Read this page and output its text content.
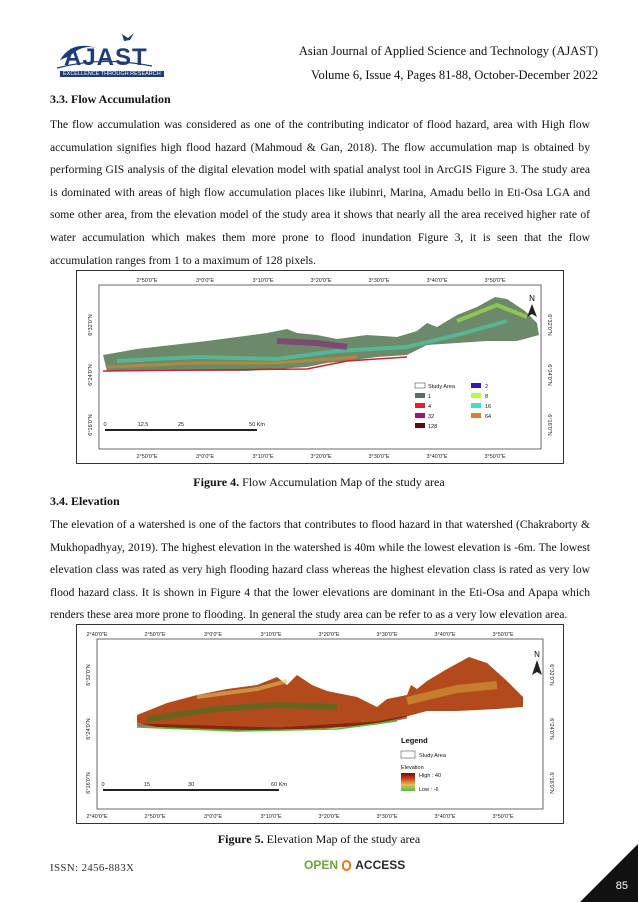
AJAST
EXCELLENCE THROUGH RESEARCH
Asian Journal of Applied Science and Technology (AJAST)
Volume 6, Issue 4, Pages 81-88, October-December 2022
3.3. Flow Accumulation
The flow accumulation was considered as one of the contributing indicator of flood hazard, area with High flow accumulation signifies high flood hazard (Mahmoud & Gan, 2018). The flow accumulation map is obtained by performing GIS analysis of the digital elevation model with spatial analyst tool in ArcGIS Figure 3. The study area is dominated with areas of high flow accumulation places like ilubinri, Marina, Amadu bello in Eti-Osa LGA and some other area, from the elevation model of the study area it shows that nearly all the area received higher rate of water accumulation which makes them more prone to flood inundation Figure 3, it is seen that the flow accumulation ranges from 1 to a maximum of 128 pixels.
2°50'0"E	3°0'0"E	3°10'0"E	3°20'0"E	3°30'0"E	3°40'0"E	3°50'0"E
2°50'0"E	3°0'0"E	3°10'0"E	3°20'0"E	3°30'0"E	3°40'0"E	3°50'0"E
6°32'0"N
6°24'0"N
6°16'0"N
6°32'0"N
6°24'0"N
6°16'0"N
N
Study Area
1
4
32
128
2
8
16
64
0	12.5	25	50 Km
Figure 4. Flow Accumulation Map of the study area
3.4. Elevation
The elevation of a watershed is one of the factors that contributes to flood hazard in that watershed (Chakraborty & Mukhopadhyay, 2019). The highest elevation in the watershed is 40m while the lowest elevation is -6m. The lowest elevation class was rated as very high flooding hazard class whereas the highest elevation class is rated as very low flood hazard class. It is shown in Figure 4 that the lower elevations are dominant in the Eti-Osa and Apapa which renders these area more prone to flooding. In general the study area can be refer to as a very low elevation area.
2°40'0"E	2°50'0"E	3°0'0"E	3°10'0"E	3°20'0"E	3°30'0"E	3°40'0"E	3°50'0"E
2°40'0"E	2°50'0"E	3°0'0"E	3°10'0"E	3°20'0"E	3°30'0"E	3°40'0"E	3°50'0"E
6°32'0"N
6°24'0"N
6°16'0"N
6°32'0"N
6°24'0"N
6°16'0"N
N
Legend
Study Area
Elevation
High : 40
Low : -6
0	15	30	60 Km
Figure 5. Elevation Map of the study area
ISSN: 2456-883X	OPEN ACCESS
85
